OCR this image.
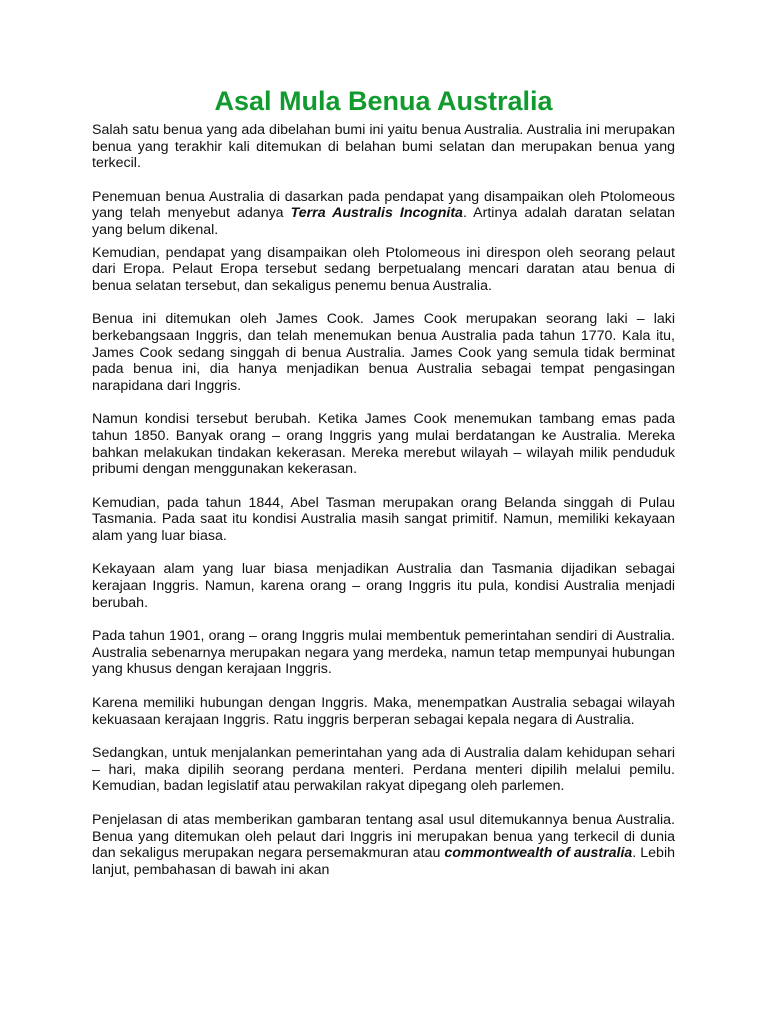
Asal Mula Benua Australia

Salah satu benua yang ada dibelahan bumi ini yaitu benua Australia. Australia ini merupakan benua yang terakhir kali ditemukan di belahan bumi selatan dan merupakan benua yang terkecil.

Penemuan benua Australia di dasarkan pada pendapat yang disampaikan oleh Ptolomeous yang telah menyebut adanya Terra Australis Incognita. Artinya adalah daratan selatan yang belum dikenal.

Kemudian, pendapat yang disampaikan oleh Ptolomeous ini direspon oleh seorang pelaut dari Eropa. Pelaut Eropa tersebut sedang berpetualang mencari daratan atau benua di benua selatan tersebut, dan sekaligus penemu benua Australia.

Benua ini ditemukan oleh James Cook. James Cook merupakan seorang laki – laki berkebangsaan Inggris, dan telah menemukan benua Australia pada tahun 1770. Kala itu, James Cook sedang singgah di benua Australia. James Cook yang semula tidak berminat pada benua ini, dia hanya menjadikan benua Australia sebagai tempat pengasingan narapidana dari Inggris.

Namun kondisi tersebut berubah. Ketika James Cook menemukan tambang emas pada tahun 1850. Banyak orang – orang Inggris yang mulai berdatangan ke Australia. Mereka bahkan melakukan tindakan kekerasan. Mereka merebut wilayah – wilayah milik penduduk pribumi dengan menggunakan kekerasan.

Kemudian, pada tahun 1844, Abel Tasman merupakan orang Belanda singgah di Pulau Tasmania. Pada saat itu kondisi Australia masih sangat primitif. Namun, memiliki kekayaan alam yang luar biasa.

Kekayaan alam yang luar biasa menjadikan Australia dan Tasmania dijadikan sebagai kerajaan Inggris. Namun, karena orang – orang Inggris itu pula, kondisi Australia menjadi berubah.

Pada tahun 1901, orang – orang Inggris mulai membentuk pemerintahan sendiri di Australia. Australia sebenarnya merupakan negara yang merdeka, namun tetap mempunyai hubungan yang khusus dengan kerajaan Inggris.

Karena memiliki hubungan dengan Inggris. Maka, menempatkan Australia sebagai wilayah kekuasaan kerajaan Inggris. Ratu inggris berperan sebagai kepala negara di Australia.

Sedangkan, untuk menjalankan pemerintahan yang ada di Australia dalam kehidupan sehari – hari, maka dipilih seorang perdana menteri. Perdana menteri dipilih melalui pemilu. Kemudian, badan legislatif atau perwakilan rakyat dipegang oleh parlemen.

Penjelasan di atas memberikan gambaran tentang asal usul ditemukannya benua Australia. Benua yang ditemukan oleh pelaut dari Inggris ini merupakan benua yang terkecil di dunia dan sekaligus merupakan negara persemakmuran atau commontwealth of australia. Lebih lanjut, pembahasan di bawah ini akan
